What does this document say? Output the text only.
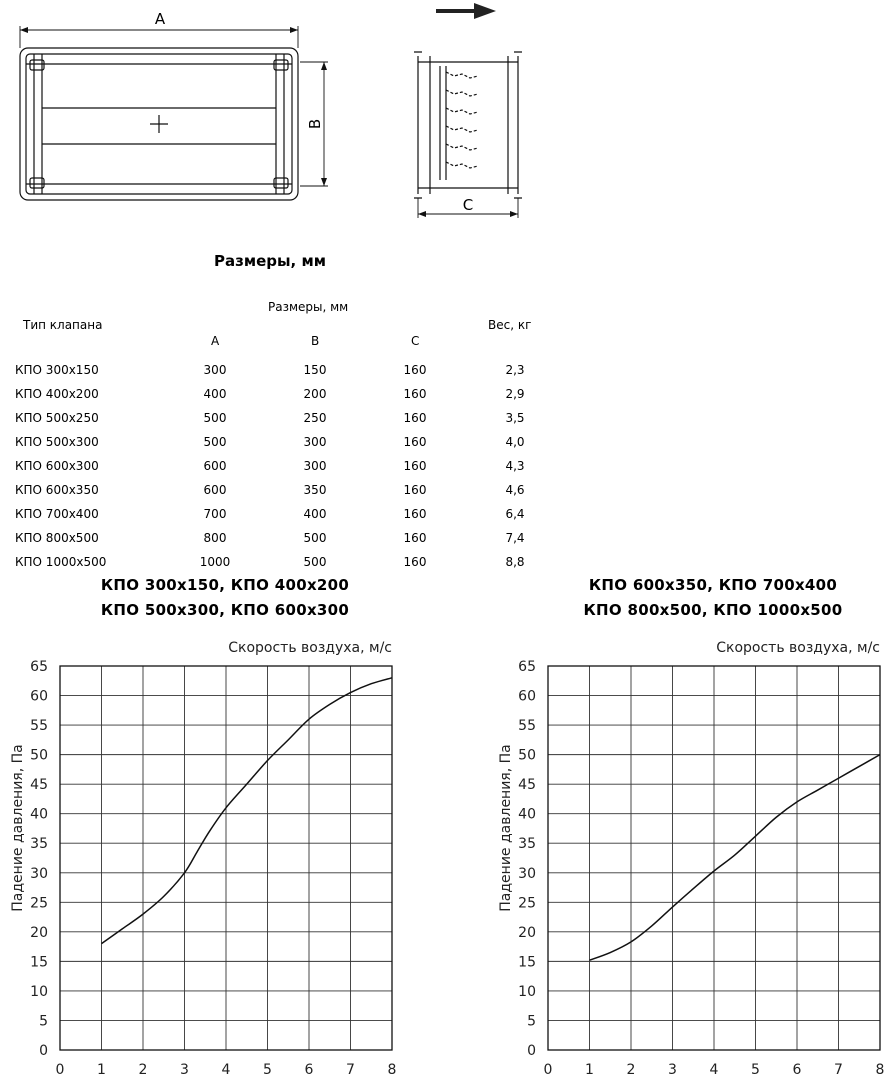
A
B
C
Размеры, мм
Размеры, мм
Тип клапана	Вес, кг
A	B	C
КПО 300x150	300	150	160	2,3
КПО 400x200	400	200	160	2,9
КПО 500x250	500	250	160	3,5
КПО 500x300	500	300	160	4,0
КПО 600x300	600	300	160	4,3
КПО 600x350	600	350	160	4,6
КПО 700x400	700	400	160	6,4
КПО 800x500	800	500	160	7,4
КПО 1000x500	1000	500	160	8,8
КПО 300x150, КПО 400x200
КПО 500x300, КПО 600x300
КПО 600x350, КПО 700x400
КПО 800x500, КПО 1000x500
0
5
10
15
20
25
30
35
40
45
50
55
60
65
0 1 2 3 4 5 6 7 8
Скорость воздуха, м/с
Падение давления, Па
0
5
10
15
20
25
30
35
40
45
50
55
60
65
0 1 2 3 4 5 6 7 8
Скорость воздуха, м/с
Падение давления, Па
